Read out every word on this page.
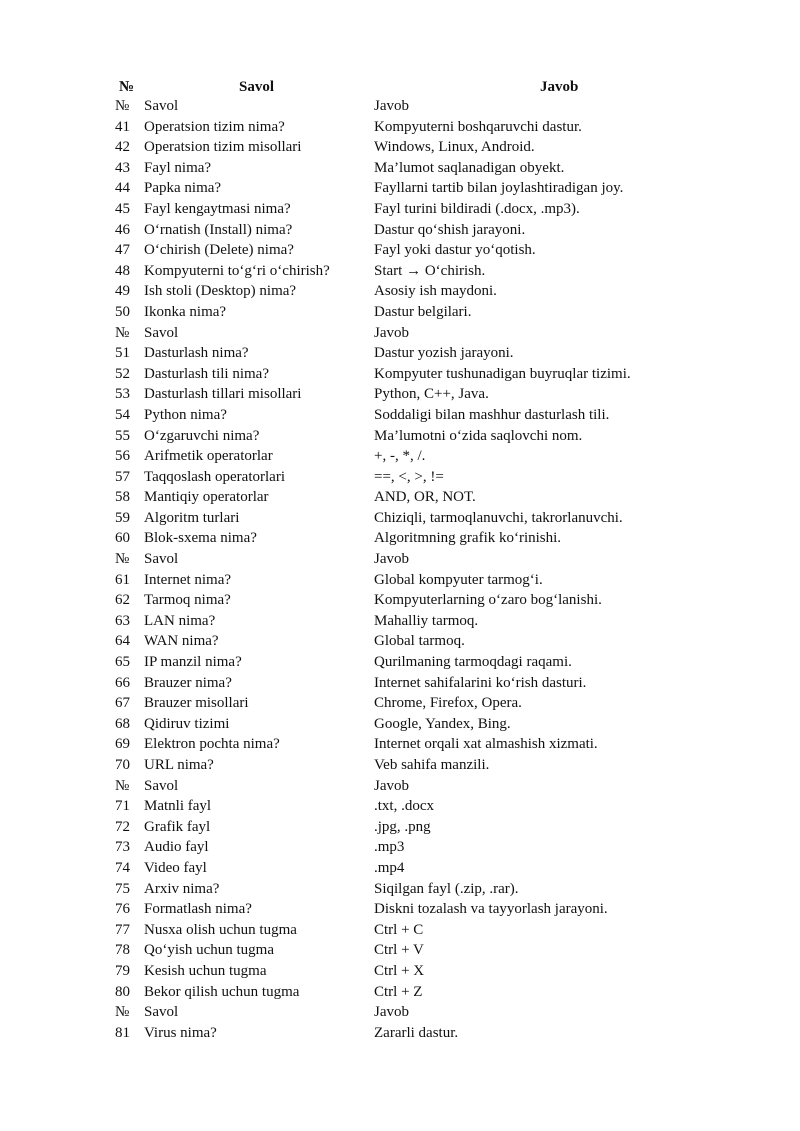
№	Savol	Javob
№ Savol	Javob
41 Operatsion tizim nima?	Kompyuterni boshqaruvchi dastur.
42 Operatsion tizim misollari	Windows, Linux, Android.
43 Fayl nima?	Ma’lumot saqlanadigan obyekt.
44 Papka nima?	Fayllarni tartib bilan joylashtiradigan joy.
45 Fayl kengaytmasi nima?	Fayl turini bildiradi (.docx, .mp3).
46 O‘rnatish (Install) nima?	Dastur qo‘shish jarayoni.
47 O‘chirish (Delete) nima?	Fayl yoki dastur yo‘qotish.
48 Kompyuterni to‘g‘ri o‘chirish?	Start → O‘chirish.
49 Ish stoli (Desktop) nima?	Asosiy ish maydoni.
50 Ikonka nima?	Dastur belgilari.
№ Savol	Javob
51 Dasturlash nima?	Dastur yozish jarayoni.
52 Dasturlash tili nima?	Kompyuter tushunadigan buyruqlar tizimi.
53 Dasturlash tillari misollari	Python, C++, Java.
54 Python nima?	Soddaligi bilan mashhur dasturlash tili.
55 O‘zgaruvchi nima?	Ma’lumotni o‘zida saqlovchi nom.
56 Arifmetik operatorlar	+, -, *, /.
57 Taqqoslash operatorlari	==, <, >, !=
58 Mantiqiy operatorlar	AND, OR, NOT.
59 Algoritm turlari	Chiziqli, tarmoqlanuvchi, takrorlanuvchi.
60 Blok-sxema nima?	Algoritmning grafik ko‘rinishi.
№ Savol	Javob
61 Internet nima?	Global kompyuter tarmog‘i.
62 Tarmoq nima?	Kompyuterlarning o‘zaro bog‘lanishi.
63 LAN nima?	Mahalliy tarmoq.
64 WAN nima?	Global tarmoq.
65 IP manzil nima?	Qurilmaning tarmoqdagi raqami.
66 Brauzer nima?	Internet sahifalarini ko‘rish dasturi.
67 Brauzer misollari	Chrome, Firefox, Opera.
68 Qidiruv tizimi	Google, Yandex, Bing.
69 Elektron pochta nima?	Internet orqali xat almashish xizmati.
70 URL nima?	Veb sahifa manzili.
№ Savol	Javob
71 Matnli fayl	.txt, .docx
72 Grafik fayl	.jpg, .png
73 Audio fayl	.mp3
74 Video fayl	.mp4
75 Arxiv nima?	Siqilgan fayl (.zip, .rar).
76 Formatlash nima?	Diskni tozalash va tayyorlash jarayoni.
77 Nusxa olish uchun tugma	Ctrl + C
78 Qo‘yish uchun tugma	Ctrl + V
79 Kesish uchun tugma	Ctrl + X
80 Bekor qilish uchun tugma	Ctrl + Z
№ Savol	Javob
81 Virus nima?	Zararli dastur.
